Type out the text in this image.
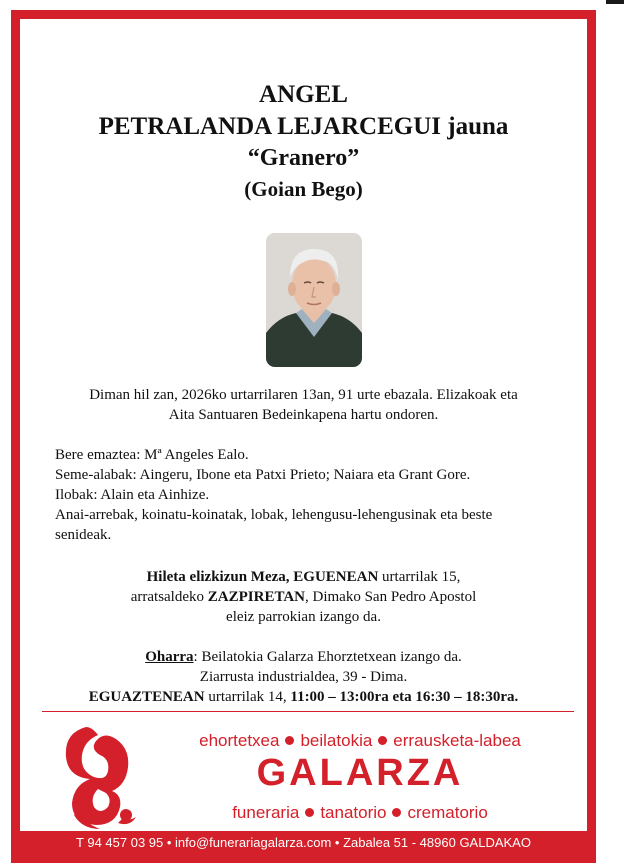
ANGEL
PETRALANDA LEJARCEGUI jauna
“Granero”
(Goian Bego)
Diman hil zan, 2026ko urtarrilaren 13an, 91 urte ebazala. Elizakoak eta
Aita Santuaren Bedeinkapena hartu ondoren.
Bere emaztea: Mª Angeles Ealo.
Seme-alabak: Aingeru, Ibone eta Patxi Prieto; Naiara eta Grant Gore.
Ilobak: Alain eta Ainhize.
Anai-arrebak, koinatu-koinatak, lobak, lehengusu-lehengusinak eta beste
senideak.
Hileta elizkizun Meza, EGUENEAN urtarrilak 15,
arratsaldeko ZAZPIRETAN, Dimako San Pedro Apostol
eleiz parrokian izango da.
Oharra: Beilatokia Galarza Ehorztetxean izango da.
Ziarrusta industrialdea, 39 - Dima.
EGUAZTENEAN urtarrilak 14, 11:00 – 13:00ra eta 16:30 – 18:30ra.
ehortetxea beilatokia errausketa-labea
GALARZA
funeraria tanatorio crematorio
T 94 457 03 95 • info@funerariagalarza.com • Zabalea 51 - 48960 GALDAKAO
